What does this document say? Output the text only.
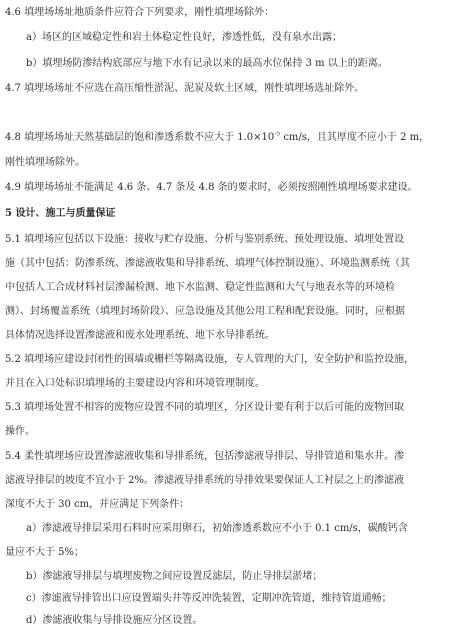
4.6 填埋场场址地质条件应符合下列要求，刚性填埋场除外：
a）场区的区域稳定性和岩土体稳定性良好，渗透性低，没有泉水出露；
b）填埋场防渗结构底部应与地下水有记录以来的最高水位保持 3 m 以上的距离。
4.7 填埋场场址不应选在高压缩性淤泥、泥炭及软土区域，刚性填埋场选址除外。
4.8 填埋场场址天然基础层的饱和渗透系数不应大于 $1.0\times 10^{-5}$ cm/s，且其厚度不应小于 2 m，
刚性填埋场除外。
4.9 填埋场场址不能满足 4.6 条、4.7 条及 4.8 条的要求时，必须按照刚性填埋场要求建设。
5 设计、施工与质量保证
5.1 填埋场应包括以下设施：接收与贮存设施、分析与鉴别系统、预处理设施、填埋处置设
施（其中包括：防渗系统、渗滤液收集和导排系统、填埋气体控制设施）、环境监测系统（其
中包括人工合成材料衬层渗漏检测、地下水监测、稳定性监测和大气与地表水等的环境检
测）、封场覆盖系统（填埋封场阶段）、应急设施及其他公用工程和配套设施。同时，应根据
具体情况选择设置渗滤液和废水处理系统、地下水导排系统。
5.2 填埋场应建设封闭性的围墙或栅栏等隔离设施，专人管理的大门，安全防护和监控设施，
并且在入口处标识填埋场的主要建设内容和环境管理制度。
5.3 填埋场处置不相容的废物应设置不同的填埋区，分区设计要有利于以后可能的废物回取
操作。
5.4 柔性填埋场应设置渗滤液收集和导排系统，包括渗滤液导排层、导排管道和集水井。渗
滤液导排层的坡度不宜小于 2%。渗滤液导排系统的导排效果要保证人工衬层之上的渗滤液
深度不大于 30 cm，并应满足下列条件：
a）渗滤液导排层采用石料时应采用卵石，初始渗透系数应不小于 0.1 cm/s，碳酸钙含
量应不大于 5%；
b）渗滤液导排层与填埋废物之间应设置反滤层，防止导排层淤堵；
c）渗滤液导排管出口应设置端头井等反冲洗装置，定期冲洗管道，维持管道通畅；
d）渗滤液收集与导排设施应分区设置。
